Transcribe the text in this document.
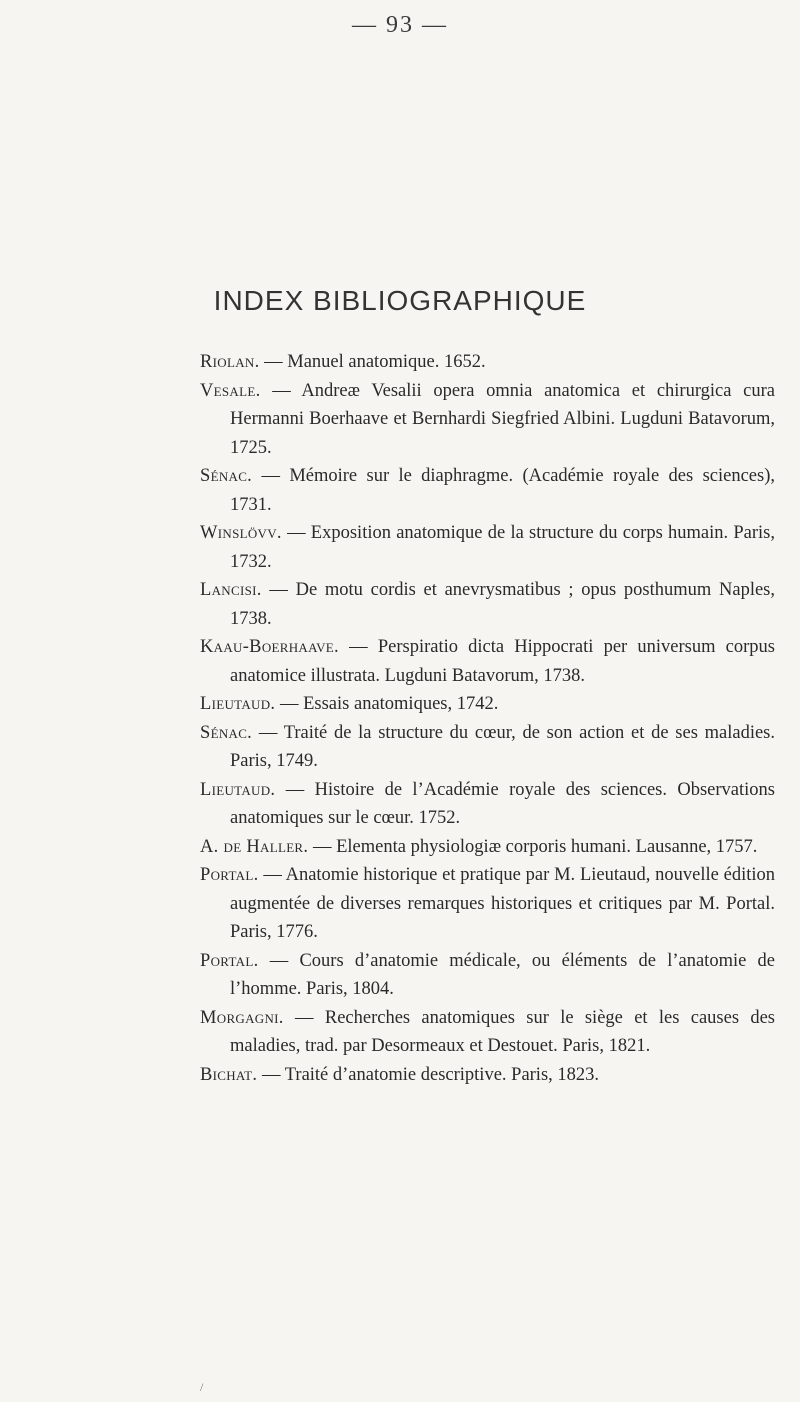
— 93 —
INDEX BIBLIOGRAPHIQUE
Riolan. — Manuel anatomique. 1652.
Vesale. — Andreæ Vesalii opera omnia anatomica et chirurgica cura Hermanni Boerhaave et Bernhardi Siegfried Albini. Lugduni Batavorum, 1725.
Sénac. — Mémoire sur le diaphragme. (Académie royale des sciences), 1731.
Winslövv. — Exposition anatomique de la structure du corps humain. Paris, 1732.
Lancisi. — De motu cordis et anevrysmatibus ; opus posthumum Naples, 1738.
Kaau-Boerhaave. — Perspiratio dicta Hippocrati per universum corpus anatomice illustrata. Lugduni Batavorum, 1738.
Lieutaud. — Essais anatomiques, 1742.
Sénac. — Traité de la structure du cœur, de son action et de ses maladies. Paris, 1749.
Lieutaud. — Histoire de l’Académie royale des sciences. Observations anatomiques sur le cœur. 1752.
A. de Haller. — Elementa physiologiæ corporis humani. Lausanne, 1757.
Portal. — Anatomie historique et pratique par M. Lieutaud, nouvelle édition augmentée de diverses remarques historiques et critiques par M. Portal. Paris, 1776.
Portal. — Cours d’anatomie médicale, ou éléments de l’anatomie de l’homme. Paris, 1804.
Morgagni. — Recherches anatomiques sur le siège et les causes des maladies, trad. par Desormeaux et Destouet. Paris, 1821.
Bichat. — Traité d’anatomie descriptive. Paris, 1823.
/
